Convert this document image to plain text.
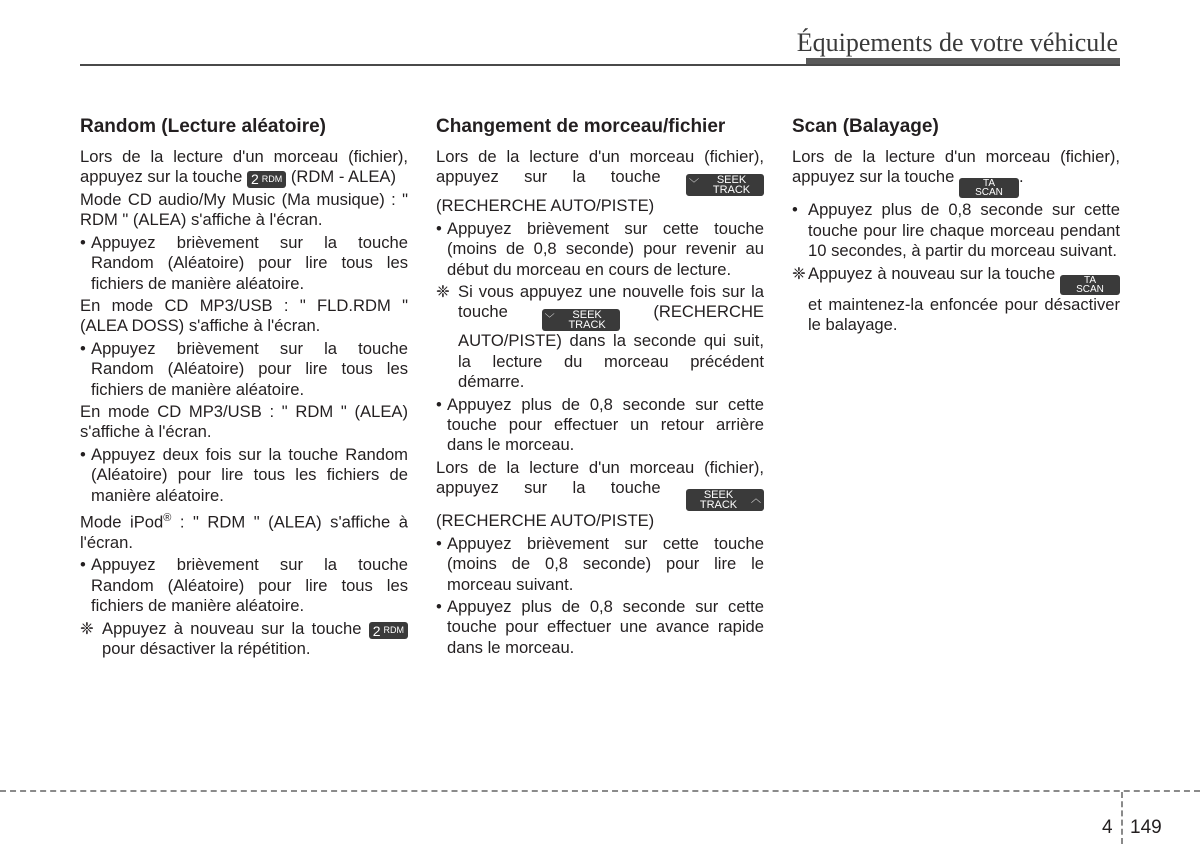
Équipements de votre véhicule
Random (Lecture aléatoire)

Lors de la lecture d'un morceau (fichier), appuyez sur la touche 2 RDM (RDM - ALEA)

Mode CD audio/My Music (Ma musique) : " RDM " (ALEA) s'affiche à l'écran.

• Appuyez brièvement sur la touche Random (Aléatoire) pour lire tous les fichiers de manière aléatoire.

En mode CD MP3/USB : " FLD.RDM " (ALEA DOSS) s'affiche à l'écran.

• Appuyez brièvement sur la touche Random (Aléatoire) pour lire tous les fichiers de manière aléatoire.

En mode CD MP3/USB : " RDM " (ALEA) s'affiche à l'écran.

• Appuyez deux fois sur la touche Random (Aléatoire) pour lire tous les fichiers de manière aléatoire.

Mode iPod® : " RDM " (ALEA) s'affiche à l'écran.

• Appuyez brièvement sur la touche Random (Aléatoire) pour lire tous les fichiers de manière aléatoire.

❈ Appuyez à nouveau sur la touche 2 RDM
pour désactiver la répétition.

Changement de morceau/fichier

Lors de la lecture d'un morceau (fichier), appuyez sur la touche	﹀ SEEK
TRACK
(RECHERCHE AUTO/PISTE)

• Appuyez brièvement sur cette touche (moins de 0,8 seconde) pour revenir au début du morceau en cours de lecture.

❈ Si vous appuyez une nouvelle fois sur la touche	﹀ SEEK
TRACK
(RECHERCHE AUTO/PISTE) dans la seconde qui suit, la lecture du morceau précédent démarre.

• Appuyez plus de 0,8 seconde sur cette touche pour effectuer un retour arrière dans le morceau.

Lors de la lecture d'un morceau (fichier), appuyez sur la touche	SEEK
TRACK ︿
(RECHERCHE AUTO/PISTE)

• Appuyez brièvement sur cette touche (moins de 0,8 seconde) pour lire le morceau suivant.

• Appuyez plus de 0,8 seconde sur cette touche pour effectuer une avance rapide dans le morceau.

Scan (Balayage)

Lors de la lecture d'un morceau (fichier), appuyez sur la touche	TA
SCAN
.

• Appuyez plus de 0,8 seconde sur cette touche pour lire chaque morceau pendant 10 secondes, à partir du morceau suivant.

❈ Appuyez à nouveau sur la touche	TA
SCAN
et maintenez-la enfoncée pour désactiver le balayage.

4 149
